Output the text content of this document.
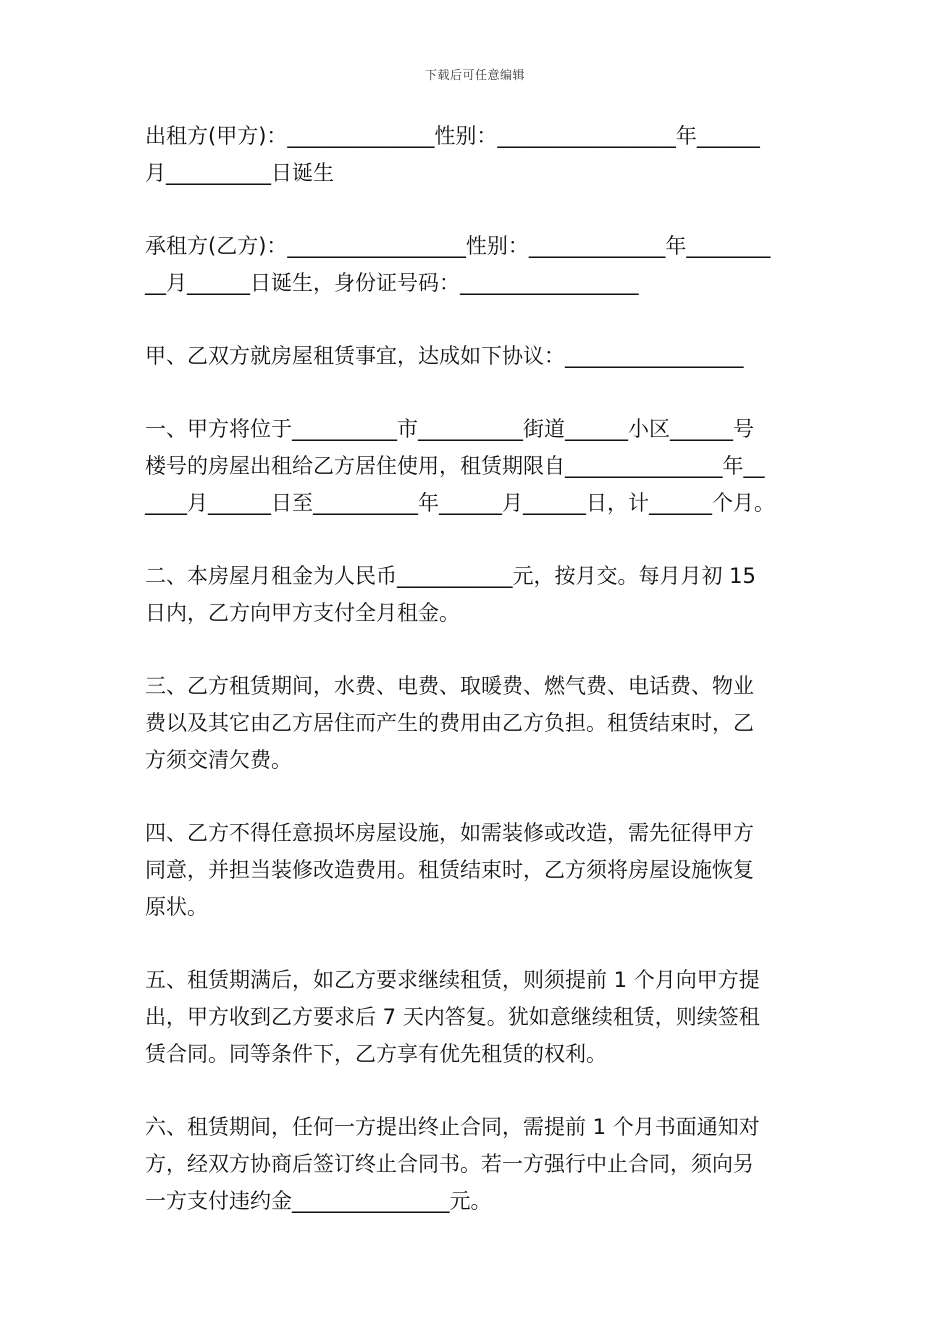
下载后可任意编辑
出租方(甲方)：______________性别：_________________年______
月__________日诞生
承租方(乙方)：_________________性别：_____________年________
__月______日诞生，身份证号码：_________________
甲、乙双方就房屋租赁事宜，达成如下协议：_________________
一、甲方将位于__________市__________街道______小区______号
楼号的房屋出租给乙方居住使用，租赁期限自_______________年__
____月______日至__________年______月______日，计______个月。
二、本房屋月租金为人民币___________元，按月交。每月月初 15
日内，乙方向甲方支付全月租金。
三、乙方租赁期间，水费、电费、取暖费、燃气费、电话费、物业
费以及其它由乙方居住而产生的费用由乙方负担。租赁结束时，乙
方须交清欠费。
四、乙方不得任意损坏房屋设施，如需装修或改造，需先征得甲方
同意，并担当装修改造费用。租赁结束时，乙方须将房屋设施恢复
原状。
五、租赁期满后，如乙方要求继续租赁，则须提前 1 个月向甲方提
出，甲方收到乙方要求后 7 天内答复。犹如意继续租赁，则续签租
赁合同。同等条件下，乙方享有优先租赁的权利。
六、租赁期间，任何一方提出终止合同，需提前 1 个月书面通知对
方，经双方协商后签订终止合同书。若一方强行中止合同，须向另
一方支付违约金_______________元。
